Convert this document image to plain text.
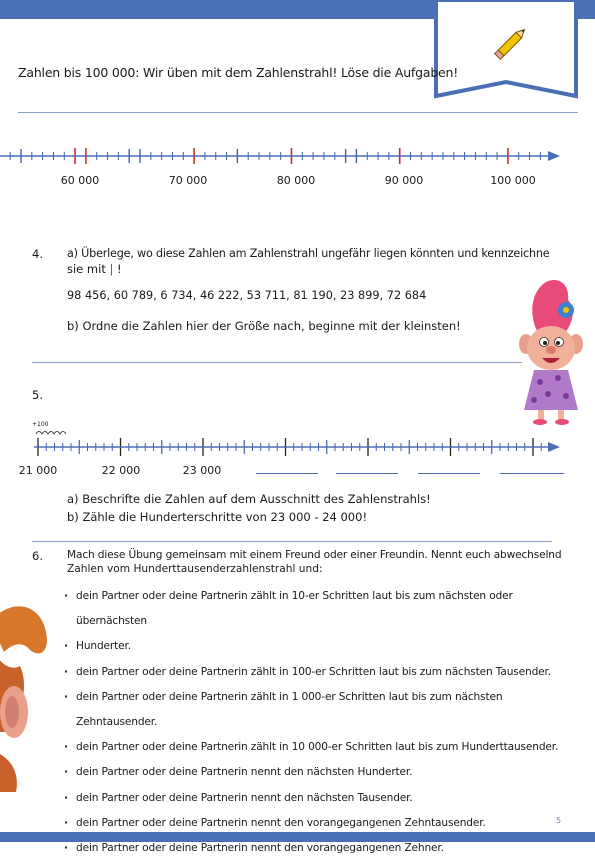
Zahlen bis 100 000: Wir üben mit dem Zahlenstrahl! Löse die Aufgaben!
60 000	70 000	80 000	90 000	100 000
4. a) Überlege, wo diese Zahlen am Zahlenstrahl ungefähr liegen könnten und kennzeichne
sie mit | !
98 456, 60 789, 6 734, 46 222, 53 711, 81 190, 23 899, 72 684
b) Ordne die Zahlen hier der Größe nach, beginne mit der kleinsten!
5.
+100
21 000	22 000	23 000
a) Beschrifte die Zahlen auf dem Ausschnitt des Zahlenstrahls!
b) Zähle die Hunderterschritte von 23 000 - 24 000!
6. Mach diese Übung gemeinsam mit einem Freund oder einer Freundin. Nennt euch abwechselnd
Zahlen vom Hunderttausenderzahlenstrahl und:
· dein Partner oder deine Partnerin zählt in 10-er Schritten laut bis zum nächsten oder übernächsten
· Hunderter.
· dein Partner oder deine Partnerin zählt in 100-er Schritten laut bis zum nächsten Tausender.
· dein Partner oder deine Partnerin zählt in 1 000-er Schritten laut bis zum nächsten Zehntausender.
· dein Partner oder deine Partnerin zählt in 10 000-er Schritten laut bis zum Hunderttausender.
· dein Partner oder deine Partnerin nennt den nächsten Hunderter.
· dein Partner oder deine Partnerin nennt den nächsten Tausender.
· dein Partner oder deine Partnerin nennt den vorangegangenen Zehntausender.
· dein Partner oder deine Partnerin nennt den vorangegangenen Zehner.
5
